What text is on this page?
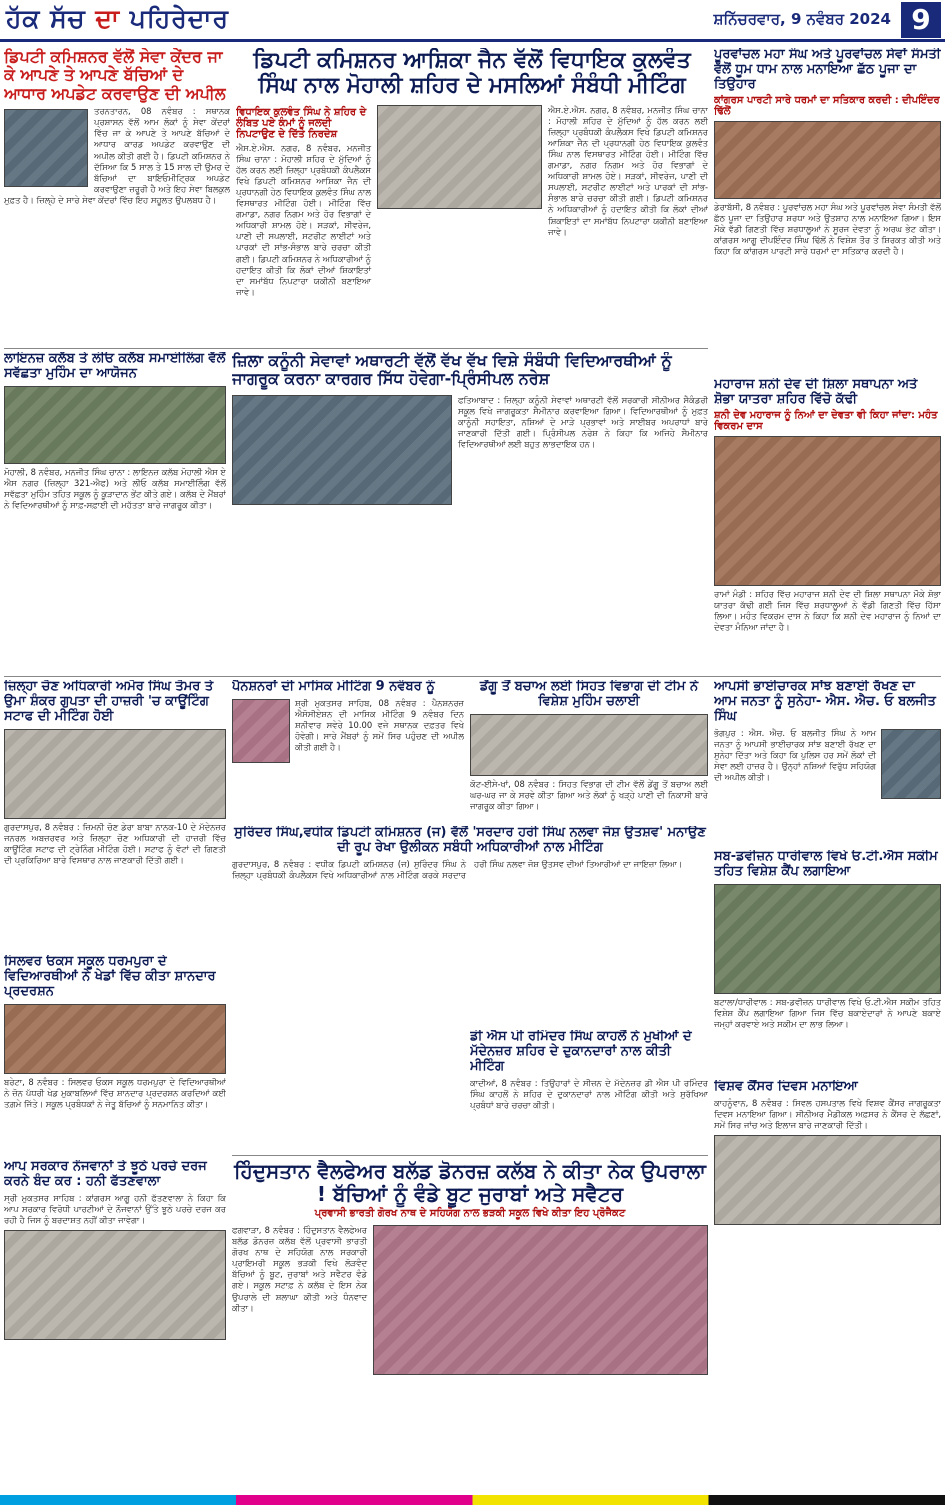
ਹੱਕ ਸੱਚ ਦਾ ਪਹਿਰੇਦਾਰ	ਸ਼ਨਿੱਚਰਵਾਰ, 9 ਨਵੰਬਰ 2024 9
ਡਿਪਟੀ ਕਮਿਸ਼ਨਰ ਵੱਲੋਂ ਸੇਵਾ ਕੇਂਦਰ ਜਾ ਕੇ ਆਪਣੇ ਤੇ ਆਪਣੇ ਬੱਚਿਆਂ ਦੇ ਆਧਾਰ ਅਪਡੇਟ ਕਰਵਾਉਣ ਦੀ ਅਪੀਲ
ਤਰਨਤਾਰਨ, 08 ਨਵੰਬਰ : ਸਥਾਨਕ ਪ੍ਰਸ਼ਾਸਨ ਵੱਲੋਂ ਆਮ ਲੋਕਾਂ ਨੂੰ ਸੇਵਾ ਕੇਂਦਰਾਂ ਵਿੱਚ ਜਾ ਕੇ ਆਪਣੇ ਤੇ ਆਪਣੇ ਬੱਚਿਆਂ ਦੇ ਆਧਾਰ ਕਾਰਡ ਅਪਡੇਟ ਕਰਵਾਉਣ ਦੀ ਅਪੀਲ ਕੀਤੀ ਗਈ ਹੈ। ਡਿਪਟੀ ਕਮਿਸ਼ਨਰ ਨੇ ਦੱਸਿਆ ਕਿ 5 ਸਾਲ ਤੇ 15 ਸਾਲ ਦੀ ਉਮਰ ਦੇ ਬੱਚਿਆਂ ਦਾ ਬਾਇਓਮੀਟ੍ਰਿਕ ਅਪਡੇਟ ਕਰਵਾਉਣਾ ਜ਼ਰੂਰੀ ਹੈ ਅਤੇ ਇਹ ਸੇਵਾ ਬਿਲਕੁਲ ਮੁਫ਼ਤ ਹੈ। ਜ਼ਿਲ੍ਹੇ ਦੇ ਸਾਰੇ ਸੇਵਾ ਕੇਂਦਰਾਂ ਵਿੱਚ ਇਹ ਸਹੂਲਤ ਉਪਲਬਧ ਹੈ।
ਡਿਪਟੀ ਕਮਿਸ਼ਨਰ ਆਸ਼ਿਕਾ ਜੈਨ ਵੱਲੋਂ ਵਿਧਾਇਕ ਕੁਲਵੰਤ ਸਿੰਘ ਨਾਲ ਮੋਹਾਲੀ ਸ਼ਹਿਰ ਦੇ ਮਸਲਿਆਂ ਸੰਬੰਧੀ ਮੀਟਿੰਗ
ਵਿਧਾਇਕ ਕੁਲਵੰਤ ਸਿੰਘ ਨੇ ਸ਼ਹਿਰ ਦੇ ਲੰਬਿਤ ਪਏ ਕੰਮਾਂ ਨੂੰ ਜਲਦੀ ਨਿਪਟਾਉਣ ਦੇ ਦਿੱਤੇ ਨਿਰਦੇਸ਼
ਐਸ.ਏ.ਐਸ. ਨਗਰ, 8 ਨਵੰਬਰ, ਮਨਜੀਤ ਸਿੰਘ ਚਾਨਾ : ਮੋਹਾਲੀ ਸ਼ਹਿਰ ਦੇ ਮੁੱਦਿਆਂ ਨੂੰ ਹੱਲ ਕਰਨ ਲਈ ਜ਼ਿਲ੍ਹਾ ਪ੍ਰਬੰਧਕੀ ਕੰਪਲੈਕਸ ਵਿਖੇ ਡਿਪਟੀ ਕਮਿਸ਼ਨਰ ਆਸ਼ਿਕਾ ਜੈਨ ਦੀ ਪ੍ਰਧਾਨਗੀ ਹੇਠ ਵਿਧਾਇਕ ਕੁਲਵੰਤ ਸਿੰਘ ਨਾਲ ਵਿਸਥਾਰਤ ਮੀਟਿੰਗ ਹੋਈ। ਮੀਟਿੰਗ ਵਿੱਚ ਗਮਾਡਾ, ਨਗਰ ਨਿਗਮ ਅਤੇ ਹੋਰ ਵਿਭਾਗਾਂ ਦੇ ਅਧਿਕਾਰੀ ਸ਼ਾਮਲ ਹੋਏ। ਸੜਕਾਂ, ਸੀਵਰੇਜ, ਪਾਣੀ ਦੀ ਸਪਲਾਈ, ਸਟਰੀਟ ਲਾਈਟਾਂ ਅਤੇ ਪਾਰਕਾਂ ਦੀ ਸਾਂਭ-ਸੰਭਾਲ ਬਾਰੇ ਚਰਚਾ ਕੀਤੀ ਗਈ। ਡਿਪਟੀ ਕਮਿਸ਼ਨਰ ਨੇ ਅਧਿਕਾਰੀਆਂ ਨੂੰ ਹਦਾਇਤ ਕੀਤੀ ਕਿ ਲੋਕਾਂ ਦੀਆਂ ਸ਼ਿਕਾਇਤਾਂ ਦਾ ਸਮਾਂਬੱਧ ਨਿਪਟਾਰਾ ਯਕੀਨੀ ਬਣਾਇਆ ਜਾਵੇ।
ਐਸ.ਏ.ਐਸ. ਨਗਰ, 8 ਨਵੰਬਰ, ਮਨਜੀਤ ਸਿੰਘ ਚਾਨਾ : ਮੋਹਾਲੀ ਸ਼ਹਿਰ ਦੇ ਮੁੱਦਿਆਂ ਨੂੰ ਹੱਲ ਕਰਨ ਲਈ ਜ਼ਿਲ੍ਹਾ ਪ੍ਰਬੰਧਕੀ ਕੰਪਲੈਕਸ ਵਿਖੇ ਡਿਪਟੀ ਕਮਿਸ਼ਨਰ ਆਸ਼ਿਕਾ ਜੈਨ ਦੀ ਪ੍ਰਧਾਨਗੀ ਹੇਠ ਵਿਧਾਇਕ ਕੁਲਵੰਤ ਸਿੰਘ ਨਾਲ ਵਿਸਥਾਰਤ ਮੀਟਿੰਗ ਹੋਈ। ਮੀਟਿੰਗ ਵਿੱਚ ਗਮਾਡਾ, ਨਗਰ ਨਿਗਮ ਅਤੇ ਹੋਰ ਵਿਭਾਗਾਂ ਦੇ ਅਧਿਕਾਰੀ ਸ਼ਾਮਲ ਹੋਏ। ਸੜਕਾਂ, ਸੀਵਰੇਜ, ਪਾਣੀ ਦੀ ਸਪਲਾਈ, ਸਟਰੀਟ ਲਾਈਟਾਂ ਅਤੇ ਪਾਰਕਾਂ ਦੀ ਸਾਂਭ-ਸੰਭਾਲ ਬਾਰੇ ਚਰਚਾ ਕੀਤੀ ਗਈ। ਡਿਪਟੀ ਕਮਿਸ਼ਨਰ ਨੇ ਅਧਿਕਾਰੀਆਂ ਨੂੰ ਹਦਾਇਤ ਕੀਤੀ ਕਿ ਲੋਕਾਂ ਦੀਆਂ ਸ਼ਿਕਾਇਤਾਂ ਦਾ ਸਮਾਂਬੱਧ ਨਿਪਟਾਰਾ ਯਕੀਨੀ ਬਣਾਇਆ ਜਾਵੇ।
ਪੂਰਵਾਂਚਲ ਮਹਾ ਸੰਘ ਅਤੇ ਪੂਰਵਾਂਚਲ ਸੇਵਾਂ ਸੰਮਤੀ ਵੱਲੋਂ ਧੂਮ ਧਾਮ ਨਾਲ ਮਨਾਇਆ ਛੱਠ ਪੂਜਾ ਦਾ ਤਿਉਹਾਰ
ਕਾਂਗਰਸ ਪਾਰਟੀ ਸਾਰੇ ਧਰਮਾਂ ਦਾ ਸਤਿਕਾਰ ਕਰਦੀ : ਦੀਪਇੰਦਰ ਢਿੱਲੋਂ
ਡੇਰਾਬੱਸੀ, 8 ਨਵੰਬਰ : ਪੂਰਵਾਂਚਲ ਮਹਾ ਸੰਘ ਅਤੇ ਪੂਰਵਾਂਚਲ ਸੇਵਾ ਸੰਮਤੀ ਵੱਲੋਂ ਛੱਠ ਪੂਜਾ ਦਾ ਤਿਉਹਾਰ ਸ਼ਰਧਾ ਅਤੇ ਉਤਸ਼ਾਹ ਨਾਲ ਮਨਾਇਆ ਗਿਆ। ਇਸ ਮੌਕੇ ਵੱਡੀ ਗਿਣਤੀ ਵਿੱਚ ਸ਼ਰਧਾਲੂਆਂ ਨੇ ਸੂਰਜ ਦੇਵਤਾ ਨੂੰ ਅਰਘ ਭੇਟ ਕੀਤਾ। ਕਾਂਗਰਸ ਆਗੂ ਦੀਪਇੰਦਰ ਸਿੰਘ ਢਿੱਲੋਂ ਨੇ ਵਿਸ਼ੇਸ਼ ਤੌਰ ਤੇ ਸ਼ਿਰਕਤ ਕੀਤੀ ਅਤੇ ਕਿਹਾ ਕਿ ਕਾਂਗਰਸ ਪਾਰਟੀ ਸਾਰੇ ਧਰਮਾਂ ਦਾ ਸਤਿਕਾਰ ਕਰਦੀ ਹੈ।
ਲਾਇਨਜ਼ ਕਲੱਬ ਤੇ ਲੀਓ ਕਲੱਬ ਸਮਾਈਲਿੰਗ ਵੱਲੋਂ ਸਵੱਛਤਾ ਮੁਹਿੰਮ ਦਾ ਆਯੋਜਨ
ਮੋਹਾਲੀ, 8 ਨਵੰਬਰ, ਮਨਜੀਤ ਸਿੰਘ ਚਾਨਾ : ਲਾਇਨਜ਼ ਕਲੱਬ ਮੋਹਾਲੀ ਐਸ ਏ ਐਸ ਨਗਰ (ਜ਼ਿਲ੍ਹਾ 321-ਐਫ) ਅਤੇ ਲੀਓ ਕਲੱਬ ਸਮਾਈਲਿੰਗ ਵੱਲੋਂ ਸਵੱਛਤਾ ਮੁਹਿੰਮ ਤਹਿਤ ਸਕੂਲ ਨੂੰ ਕੂੜਾਦਾਨ ਭੇਂਟ ਕੀਤੇ ਗਏ। ਕਲੱਬ ਦੇ ਮੈਂਬਰਾਂ ਨੇ ਵਿਦਿਆਰਥੀਆਂ ਨੂੰ ਸਾਫ਼-ਸਫ਼ਾਈ ਦੀ ਮਹੱਤਤਾ ਬਾਰੇ ਜਾਗਰੂਕ ਕੀਤਾ।
ਜ਼ਿਲਾ ਕਨੂੰਨੀ ਸੇਵਾਵਾਂ ਅਥਾਰਟੀ ਵੱਲੋਂ ਵੱਖ ਵੱਖ ਵਿਸ਼ੇ ਸੰਬੰਧੀ ਵਿਦਿਆਰਥੀਆਂ ਨੂੰ ਜਾਗਰੂਕ ਕਰਨਾ ਕਾਰਗਰ ਸਿੱਧ ਹੋਵੇਗਾ-ਪ੍ਰਿੰਸੀਪਲ ਨਰੇਸ਼
ਫਤਿਆਬਾਦ : ਜ਼ਿਲ੍ਹਾ ਕਨੂੰਨੀ ਸੇਵਾਵਾਂ ਅਥਾਰਟੀ ਵੱਲੋਂ ਸਰਕਾਰੀ ਸੀਨੀਅਰ ਸੈਕੰਡਰੀ ਸਕੂਲ ਵਿਖੇ ਜਾਗਰੂਕਤਾ ਸੈਮੀਨਾਰ ਕਰਵਾਇਆ ਗਿਆ। ਵਿਦਿਆਰਥੀਆਂ ਨੂੰ ਮੁਫ਼ਤ ਕਾਨੂੰਨੀ ਸਹਾਇਤਾ, ਨਸ਼ਿਆਂ ਦੇ ਮਾੜੇ ਪ੍ਰਭਾਵਾਂ ਅਤੇ ਸਾਈਬਰ ਅਪਰਾਧਾਂ ਬਾਰੇ ਜਾਣਕਾਰੀ ਦਿੱਤੀ ਗਈ। ਪ੍ਰਿੰਸੀਪਲ ਨਰੇਸ਼ ਨੇ ਕਿਹਾ ਕਿ ਅਜਿਹੇ ਸੈਮੀਨਾਰ ਵਿਦਿਆਰਥੀਆਂ ਲਈ ਬਹੁਤ ਲਾਭਦਾਇਕ ਹਨ।
ਮਹਾਰਾਜ ਸ਼ਨੀ ਦੇਵ ਦੀ ਸ਼ਿਲਾ ਸਥਾਪਨਾ ਅਤੇ ਸ਼ੋਭਾ ਯਾਤਰਾ ਸ਼ਹਿਰ ਵਿੱਚੋ ਕੱਢੀ
ਸ਼ਨੀ ਦੇਵ ਮਹਾਰਾਜ ਨੂੰ ਨਿਆਂ ਦਾ ਦੇਵਤਾ ਵੀ ਕਿਹਾ ਜਾਂਦਾ: ਮਹੰਤ ਵਿਕਰਮ ਦਾਸ
ਰਾਮਾਂ ਮੰਡੀ : ਸ਼ਹਿਰ ਵਿੱਚ ਮਹਾਰਾਜ ਸ਼ਨੀ ਦੇਵ ਦੀ ਸ਼ਿਲਾ ਸਥਾਪਨਾ ਮੌਕੇ ਸ਼ੋਭਾ ਯਾਤਰਾ ਕੱਢੀ ਗਈ ਜਿਸ ਵਿੱਚ ਸ਼ਰਧਾਲੂਆਂ ਨੇ ਵੱਡੀ ਗਿਣਤੀ ਵਿੱਚ ਹਿੱਸਾ ਲਿਆ। ਮਹੰਤ ਵਿਕਰਮ ਦਾਸ ਨੇ ਕਿਹਾ ਕਿ ਸ਼ਨੀ ਦੇਵ ਮਹਾਰਾਜ ਨੂੰ ਨਿਆਂ ਦਾ ਦੇਵਤਾ ਮੰਨਿਆ ਜਾਂਦਾ ਹੈ।
ਜ਼ਿਲ੍ਹਾ ਚੋਣ ਅਧਿਕਾਰੀ ਅਮੋਰ ਸਿੰਘ ਤੋਮਰ ਤੇ ਉਮਾ ਸ਼ੰਕਰ ਗੁਪਤਾ ਦੀ ਹਾਜ਼ਰੀ 'ਚ ਕਾਊਂਟਿੰਗ ਸਟਾਫ ਦੀ ਮੀਟਿੰਗ ਹੋਈ
ਗੁਰਦਾਸਪੁਰ, 8 ਨਵੰਬਰ : ਜ਼ਿਮਨੀ ਚੋਣ ਡੇਰਾ ਬਾਬਾ ਨਾਨਕ-10 ਦੇ ਮੱਦੇਨਜ਼ਰ ਜਨਰਲ ਅਬਜ਼ਰਵਰ ਅਤੇ ਜ਼ਿਲ੍ਹਾ ਚੋਣ ਅਧਿਕਾਰੀ ਦੀ ਹਾਜ਼ਰੀ ਵਿੱਚ ਕਾਊਂਟਿੰਗ ਸਟਾਫ ਦੀ ਟ੍ਰੇਨਿੰਗ ਮੀਟਿੰਗ ਹੋਈ। ਸਟਾਫ ਨੂੰ ਵੋਟਾਂ ਦੀ ਗਿਣਤੀ ਦੀ ਪ੍ਰਕਿਰਿਆ ਬਾਰੇ ਵਿਸਥਾਰ ਨਾਲ ਜਾਣਕਾਰੀ ਦਿੱਤੀ ਗਈ।
ਪੈਨਸ਼ਨਰਾਂ ਦੀ ਮਾਸਿਕ ਮੀਟਿੰਗ 9 ਨਵੰਬਰ ਨੂੰ
ਸ਼੍ਰੀ ਮੁਕਤਸਰ ਸਾਹਿਬ, 08 ਨਵੰਬਰ : ਪੈਨਸ਼ਨਰਜ਼ ਐਸੋਸੀਏਸ਼ਨ ਦੀ ਮਾਸਿਕ ਮੀਟਿੰਗ 9 ਨਵੰਬਰ ਦਿਨ ਸ਼ਨੀਵਾਰ ਸਵੇਰੇ 10.00 ਵਜੇ ਸਥਾਨਕ ਦਫ਼ਤਰ ਵਿਖੇ ਹੋਵੇਗੀ। ਸਾਰੇ ਮੈਂਬਰਾਂ ਨੂੰ ਸਮੇਂ ਸਿਰ ਪਹੁੰਚਣ ਦੀ ਅਪੀਲ ਕੀਤੀ ਗਈ ਹੈ।
ਡੇਂਗੂ ਤੋਂ ਬਚਾਅ ਲਈ ਸਿਹਤ ਵਿਭਾਗ ਦੀ ਟੀਮ ਨੇ ਵਿਸ਼ੇਸ਼ ਮੁਹਿੰਮ ਚਲਾਈ
ਕੋਟ-ਈਸੇ-ਖਾਂ, 08 ਨਵੰਬਰ : ਸਿਹਤ ਵਿਭਾਗ ਦੀ ਟੀਮ ਵੱਲੋਂ ਡੇਂਗੂ ਤੋਂ ਬਚਾਅ ਲਈ ਘਰ-ਘਰ ਜਾ ਕੇ ਸਰਵੇ ਕੀਤਾ ਗਿਆ ਅਤੇ ਲੋਕਾਂ ਨੂੰ ਖੜ੍ਹੇ ਪਾਣੀ ਦੀ ਨਿਕਾਸੀ ਬਾਰੇ ਜਾਗਰੂਕ ਕੀਤਾ ਗਿਆ।
ਆਪਸੀ ਭਾਈਚਾਰਕ ਸਾਂਝ ਬਣਾਈ ਰੱਖਣ ਦਾ ਆਮ ਜਨਤਾ ਨੂੰ ਸੁਨੇਹਾ- ਐਸ. ਐਚ. ਓ ਬਲਜੀਤ ਸਿੰਘ
ਭੋਗਪੁਰ : ਐਸ. ਐਚ. ਓ ਬਲਜੀਤ ਸਿੰਘ ਨੇ ਆਮ ਜਨਤਾ ਨੂੰ ਆਪਸੀ ਭਾਈਚਾਰਕ ਸਾਂਝ ਬਣਾਈ ਰੱਖਣ ਦਾ ਸੁਨੇਹਾ ਦਿੱਤਾ ਅਤੇ ਕਿਹਾ ਕਿ ਪੁਲਿਸ ਹਰ ਸਮੇਂ ਲੋਕਾਂ ਦੀ ਸੇਵਾ ਲਈ ਹਾਜ਼ਰ ਹੈ। ਉਨ੍ਹਾਂ ਨਸ਼ਿਆਂ ਵਿਰੁੱਧ ਸਹਿਯੋਗ ਦੀ ਅਪੀਲ ਕੀਤੀ।
ਸੁਰਿੰਦਰ ਸਿੰਘ,ਵਧੀਕ ਡਿਪਟੀ ਕਮਿਸ਼ਨਰ (ਜ) ਵੱਲੋਂ 'ਸਰਦਾਰ ਹਰੀ ਸਿੰਘ ਨਲਵਾ ਜੋਸ਼ ਉਤਸ਼ਵ' ਮਨਾਉਣ ਦੀ ਰੂਪ ਰੇਖਾ ਉਲੀਕਨ ਸਬੰਧੀ ਅਧਿਕਾਰੀਆਂ ਨਾਲ ਮੀਟਿੰਗ
ਗੁਰਦਾਸਪੁਰ, 8 ਨਵੰਬਰ : ਵਧੀਕ ਡਿਪਟੀ ਕਮਿਸ਼ਨਰ (ਜ) ਸੁਰਿੰਦਰ ਸਿੰਘ ਨੇ ਜ਼ਿਲ੍ਹਾ ਪ੍ਰਬੰਧਕੀ ਕੰਪਲੈਕਸ ਵਿਖੇ ਅਧਿਕਾਰੀਆਂ ਨਾਲ ਮੀਟਿੰਗ ਕਰਕੇ ਸਰਦਾਰ ਹਰੀ ਸਿੰਘ ਨਲਵਾ ਜੋਸ਼ ਉਤਸਵ ਦੀਆਂ ਤਿਆਰੀਆਂ ਦਾ ਜਾਇਜ਼ਾ ਲਿਆ।	ਸਬ-ਡਵੀਜ਼ਨ ਧਾਰੀਵਾਲ ਵਿਖੇ ਓ.ਟੀ.ਐਸ ਸਕੀਮ ਤਹਿਤ ਵਿਸ਼ੇਸ਼ ਕੈਂਪ ਲਗਾਇਆ
ਬਟਾਲਾ/ਧਾਰੀਵਾਲ : ਸਬ-ਡਵੀਜ਼ਨ ਧਾਰੀਵਾਲ ਵਿਖੇ ਓ.ਟੀ.ਐਸ ਸਕੀਮ ਤਹਿਤ ਵਿਸ਼ੇਸ਼ ਕੈਂਪ ਲਗਾਇਆ ਗਿਆ ਜਿਸ ਵਿੱਚ ਬਕਾਏਦਾਰਾਂ ਨੇ ਆਪਣੇ ਬਕਾਏ ਜਮ੍ਹਾਂ ਕਰਵਾਏ ਅਤੇ ਸਕੀਮ ਦਾ ਲਾਭ ਲਿਆ।
ਸਿਲਵਰ ਓਕਸ ਸਕੂਲ ਧਰਮਪੁਰਾ ਦੇ ਵਿਦਿਆਰਥੀਆਂ ਨੇ ਖੇਡਾਂ ਵਿੱਚ ਕੀਤਾ ਸ਼ਾਨਦਾਰ ਪ੍ਰਦਰਸ਼ਨ
ਬਰੇਟਾ, 8 ਨਵੰਬਰ : ਸਿਲਵਰ ਓਕਸ ਸਕੂਲ ਧਰਮਪੁਰਾ ਦੇ ਵਿਦਿਆਰਥੀਆਂ ਨੇ ਜ਼ੋਨ ਪੱਧਰੀ ਖੇਡ ਮੁਕਾਬਲਿਆਂ ਵਿੱਚ ਸ਼ਾਨਦਾਰ ਪ੍ਰਦਰਸ਼ਨ ਕਰਦਿਆਂ ਕਈ ਤਗ਼ਮੇ ਜਿੱਤੇ। ਸਕੂਲ ਪ੍ਰਬੰਧਕਾਂ ਨੇ ਜੇਤੂ ਬੱਚਿਆਂ ਨੂੰ ਸਨਮਾਨਿਤ ਕੀਤਾ।
ਡੀ ਐਸ ਪੀ ਰਮਿੰਦਰ ਸਿੰਘ ਕਾਹਲੋਂ ਨੇ ਮੁਖੀਆਂ ਦੇ ਮੱਦੇਨਜ਼ਰ ਸ਼ਹਿਰ ਦੇ ਦੁਕਾਨਦਾਰਾਂ ਨਾਲ ਕੀਤੀ ਮੀਟਿੰਗ
ਕਾਦੀਆਂ, 8 ਨਵੰਬਰ : ਤਿਉਹਾਰਾਂ ਦੇ ਸੀਜ਼ਨ ਦੇ ਮੱਦੇਨਜ਼ਰ ਡੀ ਐਸ ਪੀ ਰਮਿੰਦਰ ਸਿੰਘ ਕਾਹਲੋਂ ਨੇ ਸ਼ਹਿਰ ਦੇ ਦੁਕਾਨਦਾਰਾਂ ਨਾਲ ਮੀਟਿੰਗ ਕੀਤੀ ਅਤੇ ਸੁਰੱਖਿਆ ਪ੍ਰਬੰਧਾਂ ਬਾਰੇ ਚਰਚਾ ਕੀਤੀ।
ਵਿਸ਼ਵ ਕੈਂਸਰ ਦਿਵਸ ਮਨਾਇਆ
ਕਾਹਨੂੰਵਾਨ, 8 ਨਵੰਬਰ : ਸਿਵਲ ਹਸਪਤਾਲ ਵਿਖੇ ਵਿਸ਼ਵ ਕੈਂਸਰ ਜਾਗਰੂਕਤਾ ਦਿਵਸ ਮਨਾਇਆ ਗਿਆ। ਸੀਨੀਅਰ ਮੈਡੀਕਲ ਅਫ਼ਸਰ ਨੇ ਕੈਂਸਰ ਦੇ ਲੱਛਣਾਂ, ਸਮੇਂ ਸਿਰ ਜਾਂਚ ਅਤੇ ਇਲਾਜ ਬਾਰੇ ਜਾਣਕਾਰੀ ਦਿੱਤੀ।
ਆਪ ਸਰਕਾਰ ਨੌਜਵਾਨਾਂ ਤੇ ਝੂਠੇ ਪਰਚੇ ਦਰਜ ਕਰਨੇ ਬੰਦ ਕਰ : ਹਨੀ ਫੱਤਣਵਾਲਾ
ਸ੍ਰੀ ਮੁਕਤਸਰ ਸਾਹਿਬ : ਕਾਂਗਰਸ ਆਗੂ ਹਨੀ ਫੱਤਣਵਾਲਾ ਨੇ ਕਿਹਾ ਕਿ ਆਪ ਸਰਕਾਰ ਵਿਰੋਧੀ ਪਾਰਟੀਆਂ ਦੇ ਨੌਜਵਾਨਾਂ ਉੱਤੇ ਝੂਠੇ ਪਰਚੇ ਦਰਜ ਕਰ ਰਹੀ ਹੈ ਜਿਸ ਨੂੰ ਬਰਦਾਸ਼ਤ ਨਹੀਂ ਕੀਤਾ ਜਾਵੇਗਾ।
ਹਿੰਦੁਸਤਾਨ ਵੈਲਫੇਅਰ ਬਲੱਡ ਡੋਨਰਜ਼ ਕਲੱਬ ਨੇ ਕੀਤਾ ਨੇਕ ਉਪਰਾਲਾ ! ਬੱਚਿਆਂ ਨੂੰ ਵੰਡੇ ਬੂਟ ਜੁਰਾਬਾਂ ਅਤੇ ਸਵੈਟਰ
ਪ੍ਰਵਾਸੀ ਭਾਰਤੀ ਗੋਰਖ ਨਾਥ ਦੇ ਸਹਿਯੋਗ ਨਾਲ ਭੜਕੀ ਸਕੂਲ ਵਿਖੇ ਕੀਤਾ ਇਹ ਪ੍ਰੋਜੈਕਟ
ਫਗਵਾੜਾ, 8 ਨਵੰਬਰ : ਹਿੰਦੁਸਤਾਨ ਵੈਲਫੇਅਰ ਬਲੱਡ ਡੋਨਰਜ਼ ਕਲੱਬ ਵੱਲੋਂ ਪ੍ਰਵਾਸੀ ਭਾਰਤੀ ਗੋਰਖ ਨਾਥ ਦੇ ਸਹਿਯੋਗ ਨਾਲ ਸਰਕਾਰੀ ਪ੍ਰਾਇਮਰੀ ਸਕੂਲ ਭੜਕੀ ਵਿਖੇ ਲੋੜਵੰਦ ਬੱਚਿਆਂ ਨੂੰ ਬੂਟ, ਜੁਰਾਬਾਂ ਅਤੇ ਸਵੈਟਰ ਵੰਡੇ ਗਏ। ਸਕੂਲ ਸਟਾਫ਼ ਨੇ ਕਲੱਬ ਦੇ ਇਸ ਨੇਕ ਉਪਰਾਲੇ ਦੀ ਸ਼ਲਾਘਾ ਕੀਤੀ ਅਤੇ ਧੰਨਵਾਦ ਕੀਤਾ।
